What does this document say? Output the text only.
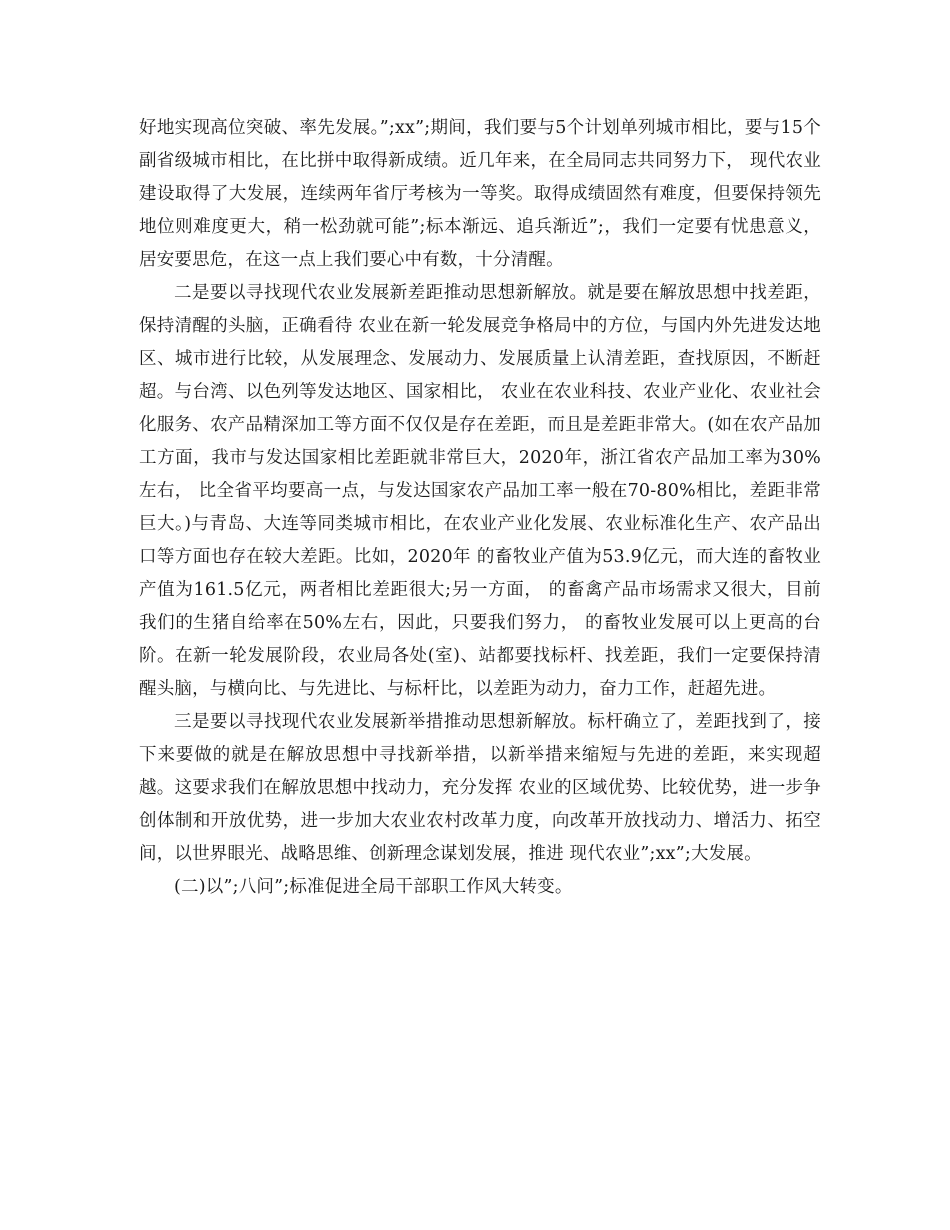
好地实现高位突破、率先发展。”;xx”;期间，我们要与5个计划单列城市相比，要与15个副省级城市相比，在比拼中取得新成绩。近几年来，在全局同志共同努力下， 现代农业建设取得了大发展，连续两年省厅考核为一等奖。取得成绩固然有难度，但要保持领先地位则难度更大，稍一松劲就可能”;标本渐远、追兵渐近”;，我们一定要有忧患意义，居安要思危，在这一点上我们要心中有数，十分清醒。

二是要以寻找现代农业发展新差距推动思想新解放。就是要在解放思想中找差距，保持清醒的头脑，正确看待 农业在新一轮发展竞争格局中的方位，与国内外先进发达地区、城市进行比较，从发展理念、发展动力、发展质量上认清差距，查找原因，不断赶超。与台湾、以色列等发达地区、国家相比， 农业在农业科技、农业产业化、农业社会化服务、农产品精深加工等方面不仅仅是存在差距，而且是差距非常大。(如在农产品加工方面，我市与发达国家相比差距就非常巨大，2020年，浙江省农产品加工率为30%左右， 比全省平均要高一点，与发达国家农产品加工率一般在70-80%相比，差距非常巨大。)与青岛、大连等同类城市相比，在农业产业化发展、农业标准化生产、农产品出口等方面也存在较大差距。比如，2020年 的畜牧业产值为53.9亿元，而大连的畜牧业产值为161.5亿元，两者相比差距很大;另一方面， 的畜禽产品市场需求又很大，目前我们的生猪自给率在50%左右，因此，只要我们努力， 的畜牧业发展可以上更高的台阶。在新一轮发展阶段，农业局各处(室)、站都要找标杆、找差距，我们一定要保持清醒头脑，与横向比、与先进比、与标杆比，以差距为动力，奋力工作，赶超先进。

三是要以寻找现代农业发展新举措推动思想新解放。标杆确立了，差距找到了，接下来要做的就是在解放思想中寻找新举措，以新举措来缩短与先进的差距，来实现超越。这要求我们在解放思想中找动力，充分发挥 农业的区域优势、比较优势，进一步争创体制和开放优势，进一步加大农业农村改革力度，向改革开放找动力、增活力、拓空间，以世界眼光、战略思维、创新理念谋划发展，推进 现代农业”;xx”;大发展。

(二)以”;八问”;标准促进全局干部职工作风大转变。
